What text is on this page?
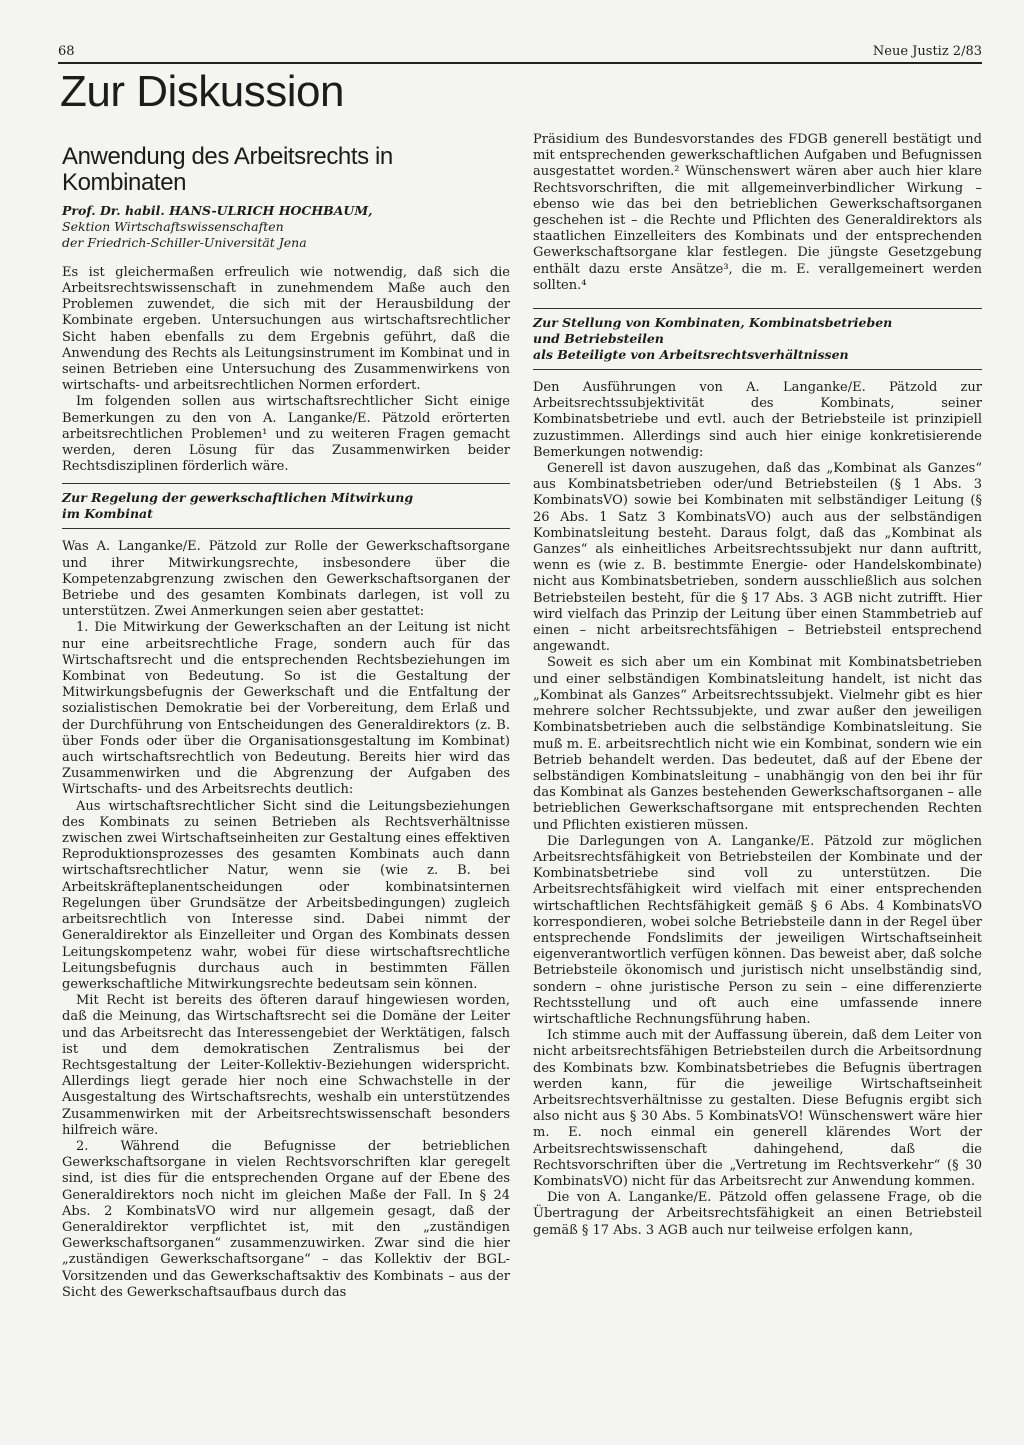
68	Neue Justiz 2/83
Zur Diskussion
Anwendung des Arbeitsrechts in Kombinaten
Prof. Dr. habil. HANS-ULRICH HOCHBAUM,
Sektion Wirtschaftswissenschaften
der Friedrich-Schiller-Universität Jena

Es ist gleichermaßen erfreulich wie notwendig, daß sich die Arbeitsrechtswissenschaft in zunehmendem Maße auch den Problemen zuwendet, die sich mit der Herausbildung der Kombinate ergeben. Untersuchungen aus wirtschaftsrechtlicher Sicht haben ebenfalls zu dem Ergebnis geführt, daß die Anwendung des Rechts als Leitungsinstrument im Kombinat und in seinen Betrieben eine Untersuchung des Zusammenwirkens von wirtschafts- und arbeitsrechtlichen Normen erfordert.

Im folgenden sollen aus wirtschaftsrechtlicher Sicht einige Bemerkungen zu den von A. Langanke/E. Pätzold erörterten arbeitsrechtlichen Problemen¹ und zu weiteren Fragen gemacht werden, deren Lösung für das Zusammenwirken beider Rechtsdisziplinen förderlich wäre.

Zur Regelung der gewerkschaftlichen Mitwirkung
im Kombinat

Was A. Langanke/E. Pätzold zur Rolle der Gewerkschaftsorgane und ihrer Mitwirkungsrechte, insbesondere über die Kompetenzabgrenzung zwischen den Gewerkschaftsorganen der Betriebe und des gesamten Kombinats darlegen, ist voll zu unterstützen. Zwei Anmerkungen seien aber gestattet:

1. Die Mitwirkung der Gewerkschaften an der Leitung ist nicht nur eine arbeitsrechtliche Frage, sondern auch für das Wirtschaftsrecht und die entsprechenden Rechtsbeziehungen im Kombinat von Bedeutung. So ist die Gestaltung der Mitwirkungsbefugnis der Gewerkschaft und die Entfaltung der sozialistischen Demokratie bei der Vorbereitung, dem Erlaß und der Durchführung von Entscheidungen des Generaldirektors (z. B. über Fonds oder über die Organisationsgestaltung im Kombinat) auch wirtschaftsrechtlich von Bedeutung. Bereits hier wird das Zusammenwirken und die Abgrenzung der Aufgaben des Wirtschafts- und des Arbeitsrechts deutlich:

Aus wirtschaftsrechtlicher Sicht sind die Leitungsbeziehungen des Kombinats zu seinen Betrieben als Rechtsverhältnisse zwischen zwei Wirtschaftseinheiten zur Gestaltung eines effektiven Reproduktionsprozesses des gesamten Kombinats auch dann wirtschaftsrechtlicher Natur, wenn sie (wie z. B. bei Arbeitskräfteplanentscheidungen oder kombinatsinternen Regelungen über Grundsätze der Arbeitsbedingungen) zugleich arbeitsrechtlich von Interesse sind. Dabei nimmt der Generaldirektor als Einzelleiter und Organ des Kombinats dessen Leitungskompetenz wahr, wobei für diese wirtschaftsrechtliche Leitungsbefugnis durchaus auch in bestimmten Fällen gewerkschaftliche Mitwirkungsrechte bedeutsam sein können.

Mit Recht ist bereits des öfteren darauf hingewiesen worden, daß die Meinung, das Wirtschaftsrecht sei die Domäne der Leiter und das Arbeitsrecht das Interessengebiet der Werktätigen, falsch ist und dem demokratischen Zentralismus bei der Rechtsgestaltung der Leiter-Kollektiv-Beziehungen widerspricht. Allerdings liegt gerade hier noch eine Schwachstelle in der Ausgestaltung des Wirtschaftsrechts, weshalb ein unterstützendes Zusammenwirken mit der Arbeitsrechtswissenschaft besonders hilfreich wäre.

2. Während die Befugnisse der betrieblichen Gewerkschaftsorgane in vielen Rechtsvorschriften klar geregelt sind, ist dies für die entsprechenden Organe auf der Ebene des Generaldirektors noch nicht im gleichen Maße der Fall. In § 24 Abs. 2 KombinatsVO wird nur allgemein gesagt, daß der Generaldirektor verpflichtet ist, mit den „zuständigen Gewerkschaftsorganen“ zusammenzuwirken. Zwar sind die hier „zuständigen Gewerkschaftsorgane“ – das Kollektiv der BGL-Vorsitzenden und das Gewerkschaftsaktiv des Kombinats – aus der Sicht des Gewerkschaftsaufbaus durch das

Präsidium des Bundesvorstandes des FDGB generell bestätigt und mit entsprechenden gewerkschaftlichen Aufgaben und Befugnissen ausgestattet worden.² Wünschenswert wären aber auch hier klare Rechtsvorschriften, die mit allgemeinverbindlicher Wirkung – ebenso wie das bei den betrieblichen Gewerkschaftsorganen geschehen ist – die Rechte und Pflichten des Generaldirektors als staatlichen Einzelleiters des Kombinats und der entsprechenden Gewerkschaftsorgane klar festlegen. Die jüngste Gesetzgebung enthält dazu erste Ansätze³, die m. E. verallgemeinert werden sollten.⁴

Zur Stellung von Kombinaten, Kombinatsbetrieben
und Betriebsteilen
als Beteiligte von Arbeitsrechtsverhältnissen

Den Ausführungen von A. Langanke/E. Pätzold zur Arbeitsrechtssubjektivität des Kombinats, seiner Kombinatsbetriebe und evtl. auch der Betriebsteile ist prinzipiell zuzustimmen. Allerdings sind auch hier einige konkretisierende Bemerkungen notwendig:

Generell ist davon auszugehen, daß das „Kombinat als Ganzes“ aus Kombinatsbetrieben oder/und Betriebsteilen (§ 1 Abs. 3 KombinatsVO) sowie bei Kombinaten mit selbständiger Leitung (§ 26 Abs. 1 Satz 3 KombinatsVO) auch aus der selbständigen Kombinatsleitung besteht. Daraus folgt, daß das „Kombinat als Ganzes“ als einheitliches Arbeitsrechtssubjekt nur dann auftritt, wenn es (wie z. B. bestimmte Energie- oder Handelskombinate) nicht aus Kombinatsbetrieben, sondern ausschließlich aus solchen Betriebsteilen besteht, für die § 17 Abs. 3 AGB nicht zutrifft. Hier wird vielfach das Prinzip der Leitung über einen Stammbetrieb auf einen – nicht arbeitsrechtsfähigen – Betriebsteil entsprechend angewandt.

Soweit es sich aber um ein Kombinat mit Kombinatsbetrieben und einer selbständigen Kombinatsleitung handelt, ist nicht das „Kombinat als Ganzes“ Arbeitsrechtssubjekt. Vielmehr gibt es hier mehrere solcher Rechtssubjekte, und zwar außer den jeweiligen Kombinatsbetrieben auch die selbständige Kombinatsleitung. Sie muß m. E. arbeitsrechtlich nicht wie ein Kombinat, sondern wie ein Betrieb behandelt werden. Das bedeutet, daß auf der Ebene der selbständigen Kombinatsleitung – unabhängig von den bei ihr für das Kombinat als Ganzes bestehenden Gewerkschaftsorganen – alle betrieblichen Gewerkschaftsorgane mit entsprechenden Rechten und Pflichten existieren müssen.

Die Darlegungen von A. Langanke/E. Pätzold zur möglichen Arbeitsrechtsfähigkeit von Betriebsteilen der Kombinate und der Kombinatsbetriebe sind voll zu unterstützen. Die Arbeitsrechtsfähigkeit wird vielfach mit einer entsprechenden wirtschaftlichen Rechtsfähigkeit gemäß § 6 Abs. 4 KombinatsVO korrespondieren, wobei solche Betriebsteile dann in der Regel über entsprechende Fondslimits der jeweiligen Wirtschaftseinheit eigenverantwortlich verfügen können. Das beweist aber, daß solche Betriebsteile ökonomisch und juristisch nicht unselbständig sind, sondern – ohne juristische Person zu sein – eine differenzierte Rechtsstellung und oft auch eine umfassende innere wirtschaftliche Rechnungsführung haben.

Ich stimme auch mit der Auffassung überein, daß dem Leiter von nicht arbeitsrechtsfähigen Betriebsteilen durch die Arbeitsordnung des Kombinats bzw. Kombinatsbetriebes die Befugnis übertragen werden kann, für die jeweilige Wirtschaftseinheit Arbeitsrechtsverhältnisse zu gestalten. Diese Befugnis ergibt sich also nicht aus § 30 Abs. 5 KombinatsVO! Wünschenswert wäre hier m. E. noch einmal ein generell klärendes Wort der Arbeitsrechtswissenschaft dahingehend, daß die Rechtsvorschriften über die „Vertretung im Rechtsverkehr“ (§ 30 KombinatsVO) nicht für das Arbeitsrecht zur Anwendung kommen.

Die von A. Langanke/E. Pätzold offen gelassene Frage, ob die Übertragung der Arbeitsrechtsfähigkeit an einen Betriebsteil gemäß § 17 Abs. 3 AGB auch nur teilweise erfolgen kann,
